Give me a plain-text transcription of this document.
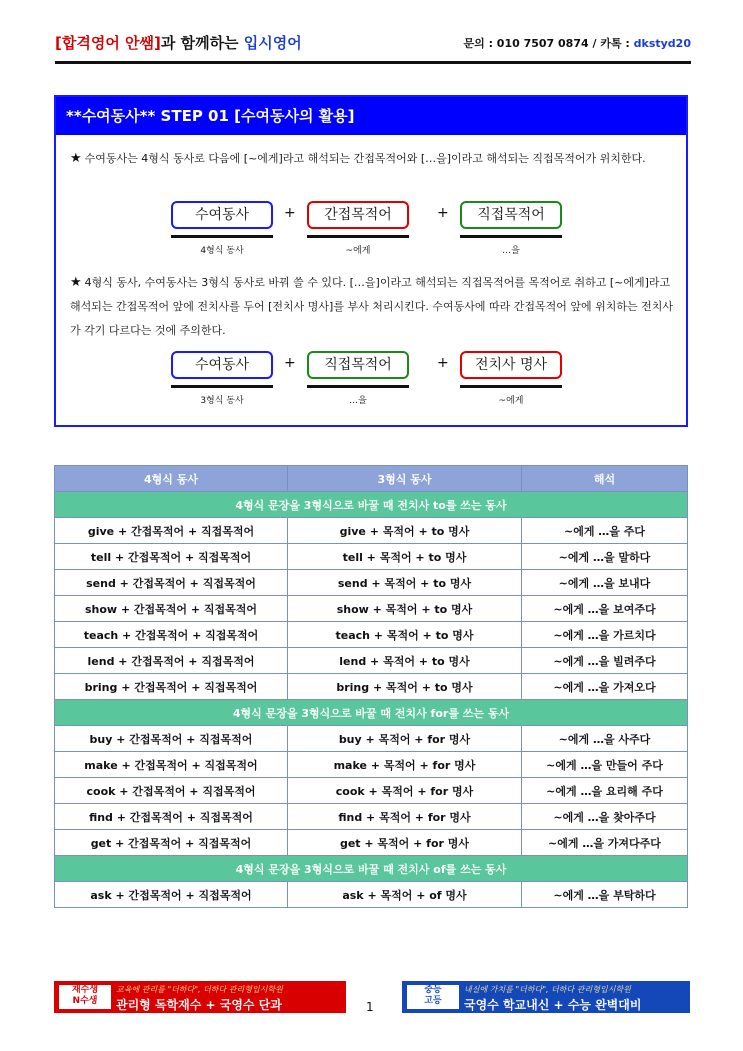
[합격영어 안쌤]과 함께하는 입시영어	문의 : 010 7507 0874 / 카톡 : dkstyd20
**수여동사** STEP 01 [수여동사의 활용]
★ 수여동사는 4형식 동사로 다음에 [~에게]라고 해석되는 간접목적어와 […을]이라고 해석되는 직접목적어가 위치한다.
수여동사	+	간접목적어	+	직접목적어
4형식 동사	~에게	…을
★ 4형식 동사, 수여동사는 3형식 동사로 바꿔 쓸 수 있다. […을]이라고 해석되는 직접목적어를 목적어로 취하고 [~에게]라고 해석되는 간접목적어 앞에 전치사를 두어 [전치사 명사]를 부사 처리시킨다. 수여동사에 따라 간접목적어 앞에 위치하는 전치사가 각기 다르다는 것에 주의한다.
수여동사	+	직접목적어	+	전치사 명사
3형식 동사	…을	~에게
4형식 동사	3형식 동사	해석
4형식 문장을 3형식으로 바꿀 때 전치사 to를 쓰는 동사		
give + 간접목적어 + 직접목적어	give + 목적어 + to 명사	~에게 …을 주다
tell + 간접목적어 + 직접목적어	tell + 목적어 + to 명사	~에게 …을 말하다
send + 간접목적어 + 직접목적어	send + 목적어 + to 명사	~에게 …을 보내다
show + 간접목적어 + 직접목적어	show + 목적어 + to 명사	~에게 …을 보여주다
teach + 간접목적어 + 직접목적어	teach + 목적어 + to 명사	~에게 …을 가르치다
lend + 간접목적어 + 직접목적어	lend + 목적어 + to 명사	~에게 …을 빌려주다
bring + 간접목적어 + 직접목적어	bring + 목적어 + to 명사	~에게 …을 가져오다
4형식 문장을 3형식으로 바꿀 때 전치사 for를 쓰는 동사		
buy + 간접목적어 + 직접목적어	buy + 목적어 + for 명사	~에게 …을 사주다
make + 간접목적어 + 직접목적어	make + 목적어 + for 명사	~에게 …을 만들어 주다
cook + 간접목적어 + 직접목적어	cook + 목적어 + for 명사	~에게 …을 요리해 주다
find + 간접목적어 + 직접목적어	find + 목적어 + for 명사	~에게 …을 찾아주다
get + 간접목적어 + 직접목적어	get + 목적어 + for 명사	~에게 …을 가져다주다
4형식 문장을 3형식으로 바꿀 때 전치사 of를 쓰는 동사		
ask + 간접목적어 + 직접목적어	ask + 목적어 + of 명사	~에게 …을 부탁하다
재수생
N수생
교육에 관리를 "더하다", 더하다 관리형입시학원
관리형 독학재수 + 국영수 단과	1
중등
고등
내실에 가치를 "더하다", 더하다 관리형입시학원
국영수 학교내신 + 수능 완벽대비
